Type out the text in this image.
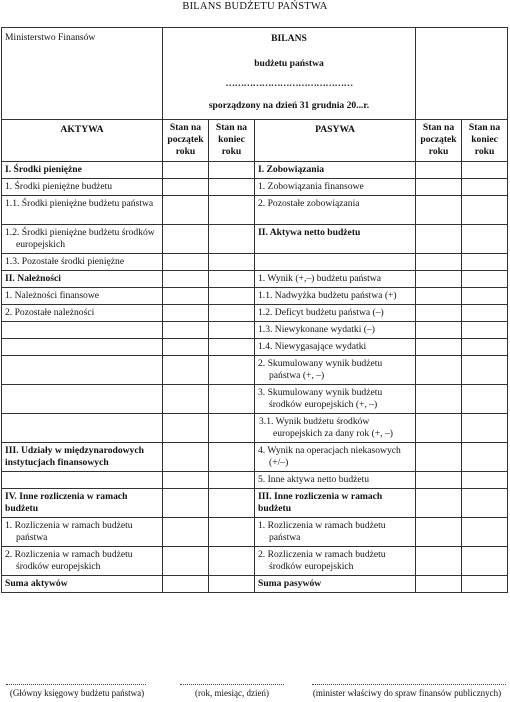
BILANS BUDŻETU PAŃSTWA
Ministerstwo Finansów	BILANS
budżetu państwa
……………………………………
sporządzony na dzień 31 grudnia 20...r.				

AKTYWA	Stan na początek roku	Stan na koniec roku	PASYWA	Stan na początek roku	Stan na koniec roku
I. Środki pieniężne			I. Zobowiązania		
1. Środki pieniężne budżetu			1. Zobowiązania finansowe		
1.1. Środki pieniężne budżetu państwa			2. Pozostałe zobowiązania		
1.2. Środki pieniężne budżetu środków europejskich			II. Aktywa netto budżetu		
1.3. Pozostałe środki pieniężne					
II. Należności			1. Wynik (+,–) budżetu państwa		
1. Należności finansowe			1.1. Nadwyżka budżetu państwa (+)		
2. Pozostałe należności			1.2. Deficyt budżetu państwa (–)		
			1.3. Niewykonane wydatki (–)		
			1.4. Niewygasające wydatki		
			2. Skumulowany wynik budżetu państwa (+, –)		
			3. Skumulowany wynik budżetu środków europejskich (+, –)		
			3.1. Wynik budżetu środków europejskich za dany rok (+, –)		
III. Udziały w międzynarodowych instytucjach finansowych			4. Wynik na operacjach niekasowych (+/–)		
			5. Inne aktywa netto budżetu		
IV. Inne rozliczenia w ramach budżetu			III. Inne rozliczenia w ramach budżetu		
1. Rozliczenia w ramach budżetu państwa			1. Rozliczenia w ramach budżetu państwa		
2. Rozliczenia w ramach budżetu środków europejskich			2. Rozliczenia w ramach budżetu środków europejskich		
Suma aktywów			Suma pasywów		
(Główny księgowy budżetu państwa)	(rok, miesiąc, dzień)	(minister właściwy do spraw finansów publicznych)
